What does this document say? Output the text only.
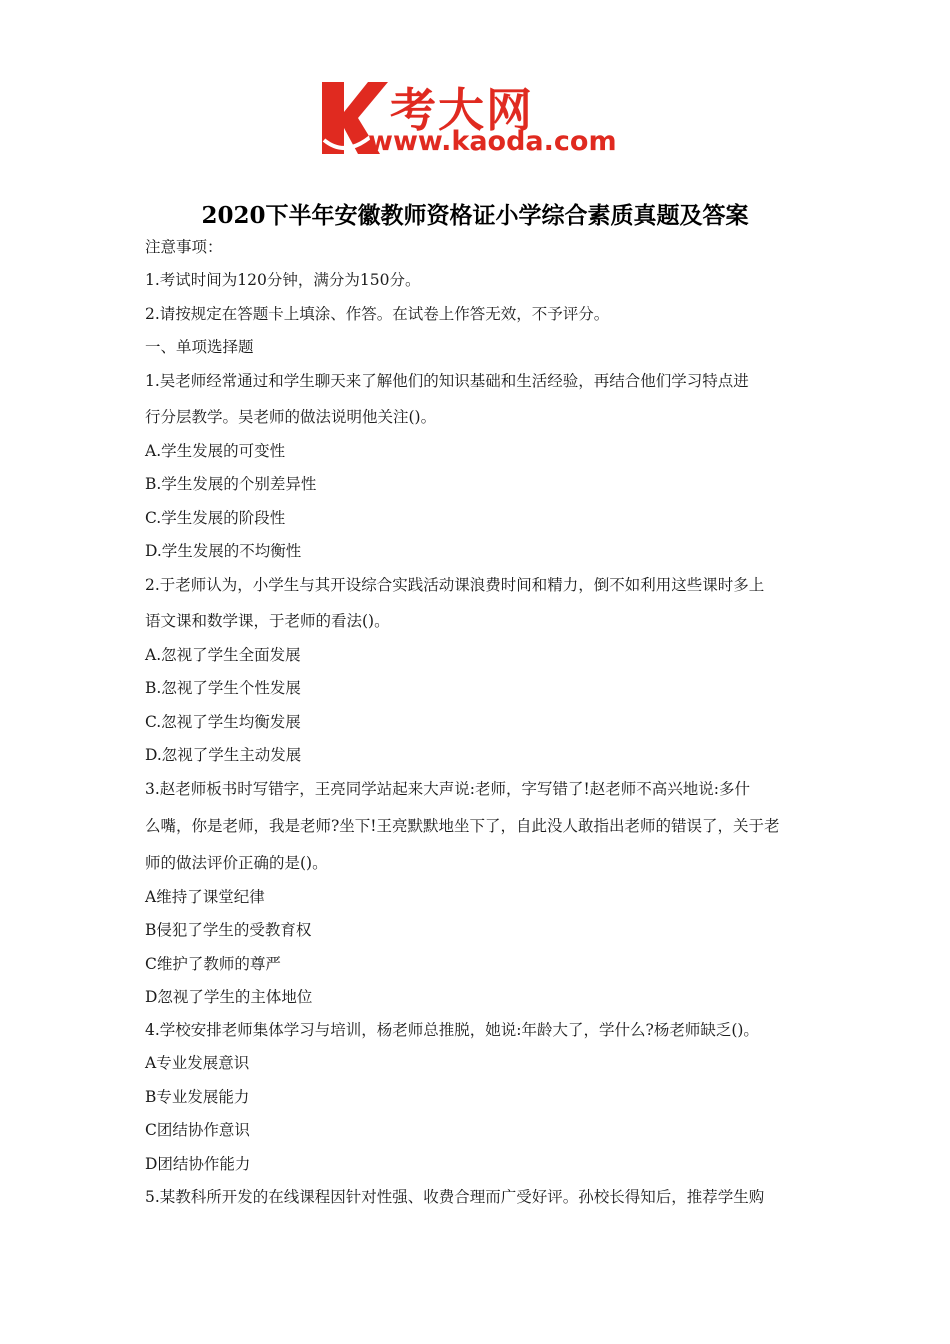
考大网
www.kaoda.com
2020下半年安徽教师资格证小学综合素质真题及答案

注意事项：

1.考试时间为120分钟，满分为150分。

2.请按规定在答题卡上填涂、作答。在试卷上作答无效，不予评分。

一、单项选择题

1.吴老师经常通过和学生聊天来了解他们的知识基础和生活经验，再结合他们学习特点进

行分层教学。吴老师的做法说明他关注()。

A.学生发展的可变性

B.学生发展的个别差异性

C.学生发展的阶段性

D.学生发展的不均衡性

2.于老师认为，小学生与其开设综合实践活动课浪费时间和精力，倒不如利用这些课时多上

语文课和数学课，于老师的看法()。

A.忽视了学生全面发展

B.忽视了学生个性发展

C.忽视了学生均衡发展

D.忽视了学生主动发展

3.赵老师板书时写错字，王亮同学站起来大声说:老师，字写错了!赵老师不高兴地说:多什

么嘴，你是老师，我是老师?坐下!王亮默默地坐下了，自此没人敢指出老师的错误了，关于老

师的做法评价正确的是()。

A维持了课堂纪律

B侵犯了学生的受教育权

C维护了教师的尊严

D忽视了学生的主体地位

4.学校安排老师集体学习与培训，杨老师总推脱，她说:年龄大了，学什么?杨老师缺乏()。

A专业发展意识

B专业发展能力

C团结协作意识

D团结协作能力

5.某教科所开发的在线课程因针对性强、收费合理而广受好评。孙校长得知后，推荐学生购
